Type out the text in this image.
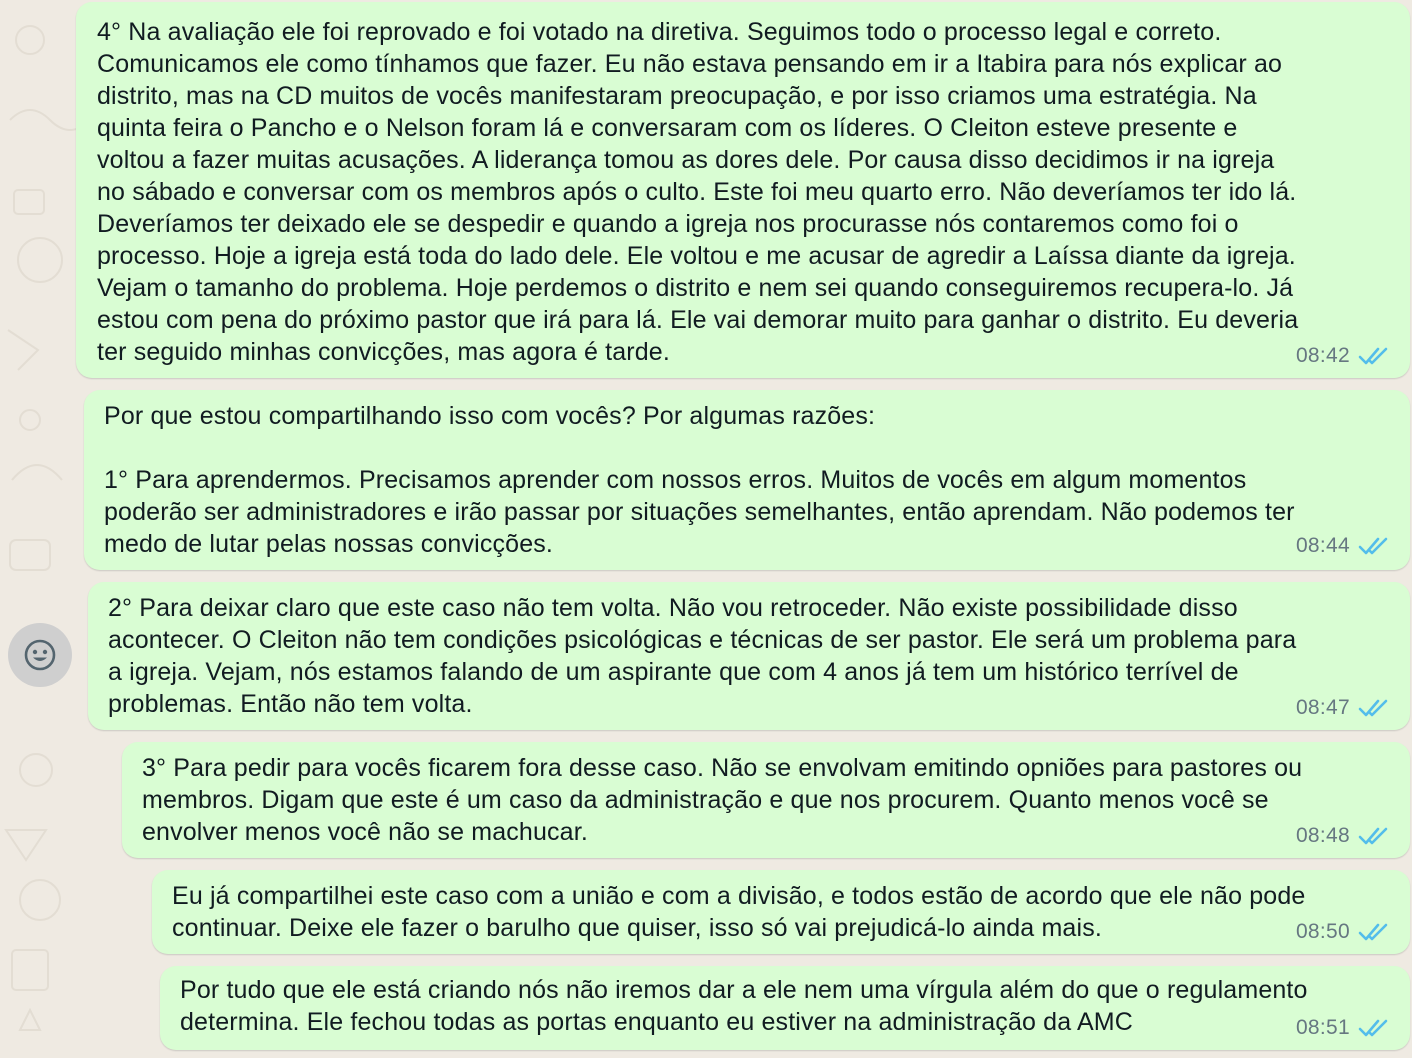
4° Na avaliação ele foi reprovado e foi votado na diretiva. Seguimos todo o processo legal e correto.
Comunicamos ele como tínhamos que fazer. Eu não estava pensando em ir a Itabira para nós explicar ao
distrito, mas na CD muitos de vocês manifestaram preocupação, e por isso criamos uma estratégia. Na
quinta feira o Pancho e o Nelson foram lá e conversaram com os líderes. O Cleiton esteve presente e
voltou a fazer muitas acusações. A liderança tomou as dores dele. Por causa disso decidimos ir na igreja
no sábado e conversar com os membros após o culto. Este foi meu quarto erro. Não deveríamos ter ido lá.
Deveríamos ter deixado ele se despedir e quando a igreja nos procurasse nós contaremos como foi o
processo. Hoje a igreja está toda do lado dele. Ele voltou e me acusar de agredir a Laíssa diante da igreja.
Vejam o tamanho do problema. Hoje perdemos o distrito e nem sei quando conseguiremos recupera-lo. Já
estou com pena do próximo pastor que irá para lá. Ele vai demorar muito para ganhar o distrito. Eu deveria
ter seguido minhas convicções, mas agora é tarde.	08:42
Por que estou compartilhando isso com vocês? Por algumas razões:

1° Para aprendermos. Precisamos aprender com nossos erros. Muitos de vocês em algum momentos
poderão ser administradores e irão passar por situações semelhantes, então aprendam. Não podemos ter
medo de lutar pelas nossas convicções.	08:44
2° Para deixar claro que este caso não tem volta. Não vou retroceder. Não existe possibilidade disso
acontecer. O Cleiton não tem condições psicológicas e técnicas de ser pastor. Ele será um problema para
a igreja. Vejam, nós estamos falando de um aspirante que com 4 anos já tem um histórico terrível de
problemas. Então não tem volta.	08:47
3° Para pedir para vocês ficarem fora desse caso. Não se envolvam emitindo opniões para pastores ou
membros. Digam que este é um caso da administração e que nos procurem. Quanto menos você se
envolver menos você não se machucar.	08:48
Eu já compartilhei este caso com a união e com a divisão, e todos estão de acordo que ele não pode
continuar. Deixe ele fazer o barulho que quiser, isso só vai prejudicá-lo ainda mais.	08:50
Por tudo que ele está criando nós não iremos dar a ele nem uma vírgula além do que o regulamento
determina. Ele fechou todas as portas enquanto eu estiver na administração da AMC	08:51
